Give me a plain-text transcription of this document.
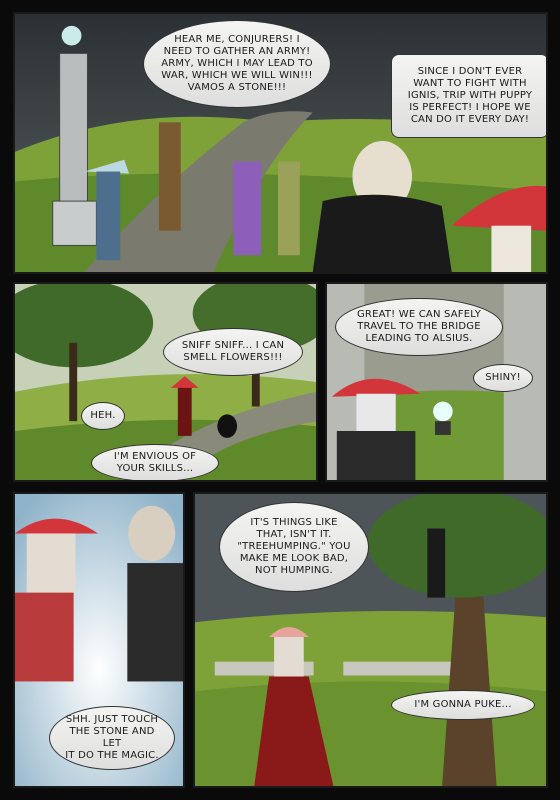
HEAR ME, CONJURERS! I
NEED TO GATHER AN ARMY!
ARMY, WHICH I MAY LEAD TO
WAR, WHICH WE WILL WIN!!!
VAMOS A STONE!!!
SINCE I DON'T EVER
WANT TO FIGHT WITH
IGNIS, TRIP WITH PUPPY
IS PERFECT! I HOPE WE
CAN DO IT EVERY DAY!
SNIFF SNIFF... I CAN
SMELL FLOWERS!!!
HEH.
I'M ENVIOUS OF
YOUR SKILLS...
GREAT! WE CAN SAFELY
TRAVEL TO THE BRIDGE
LEADING TO ALSIUS.
SHINY!
SHH. JUST TOUCH
THE STONE AND LET
IT DO THE MAGIC.
IT'S THINGS LIKE
THAT, ISN'T IT.
"TREEHUMPING." YOU
MAKE ME LOOK BAD,
NOT HUMPING.
I'M GONNA PUKE...
